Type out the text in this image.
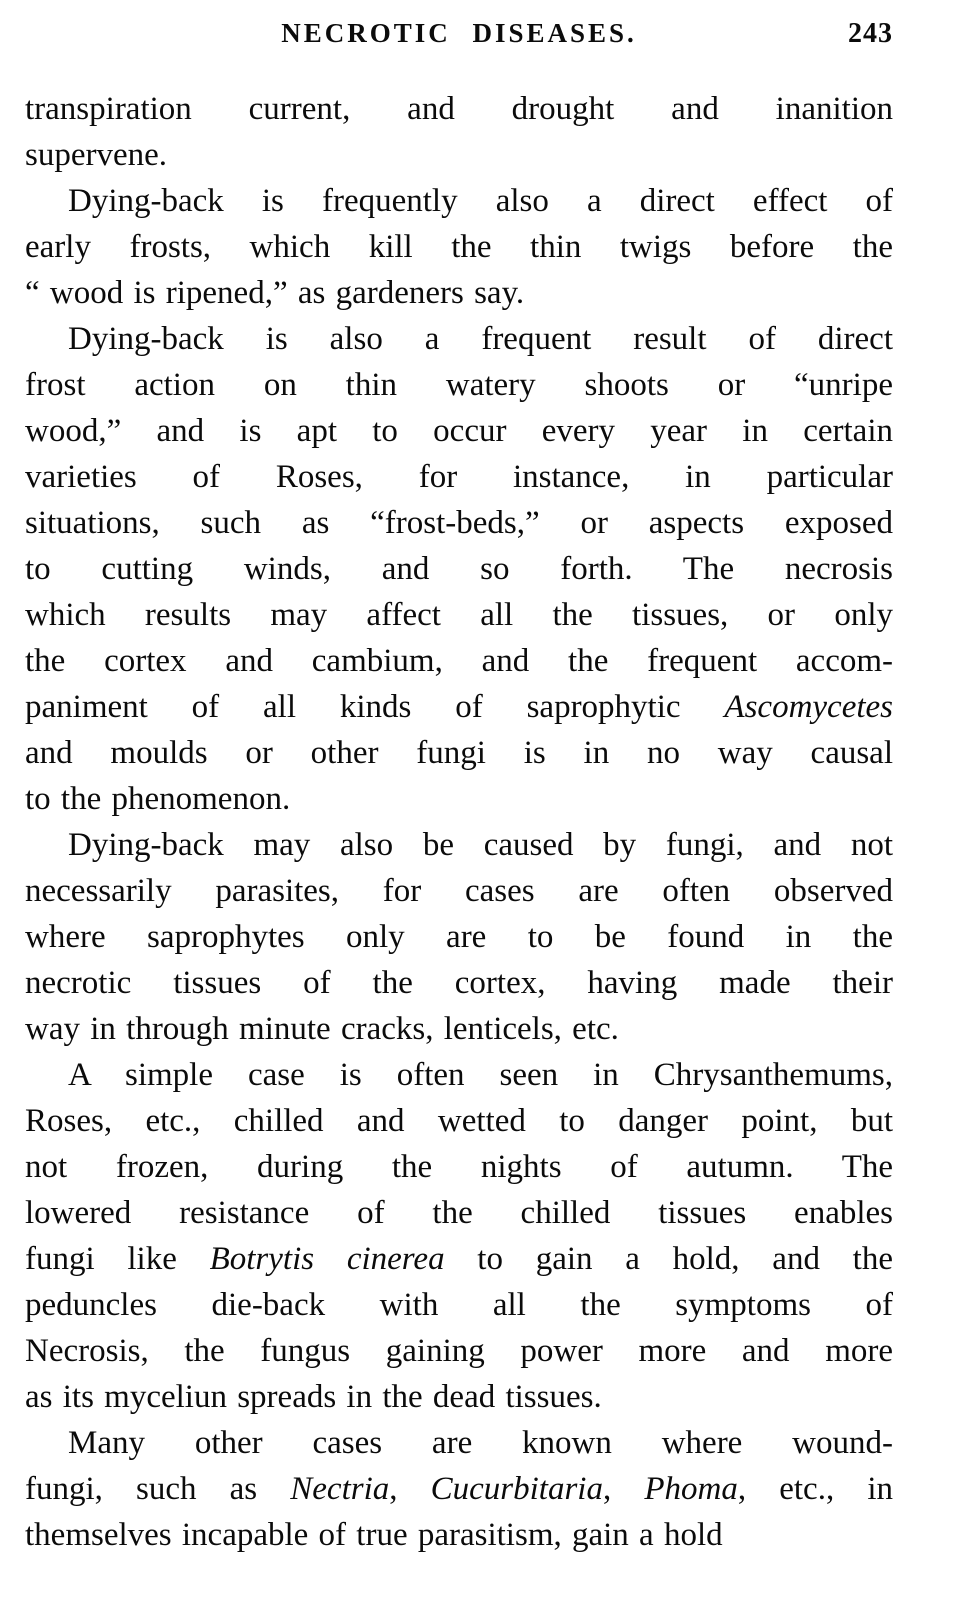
NECROTIC DISEASES.	243
transpiration current, and drought and inanition
supervene.
Dying-back is frequently also a direct effect of
early frosts, which kill the thin twigs before the
“ wood is ripened,” as gardeners say.
Dying-back is also a frequent result of direct
frost action on thin watery shoots or “unripe
wood,” and is apt to occur every year in certain
varieties of Roses, for instance, in particular
situations, such as “frost-beds,” or aspects exposed
to cutting winds, and so forth. The necrosis
which results may affect all the tissues, or only
the cortex and cambium, and the frequent accom-
paniment of all kinds of saprophytic Ascomycetes
and moulds or other fungi is in no way causal
to the phenomenon.
Dying-back may also be caused by fungi, and not
necessarily parasites, for cases are often observed
where saprophytes only are to be found in the
necrotic tissues of the cortex, having made their
way in through minute cracks, lenticels, etc.
A simple case is often seen in Chrysanthemums,
Roses, etc., chilled and wetted to danger point, but
not frozen, during the nights of autumn. The
lowered resistance of the chilled tissues enables
fungi like Botrytis cinerea to gain a hold, and the
peduncles die-back with all the symptoms of
Necrosis, the fungus gaining power more and more
as its myceliun spreads in the dead tissues.
Many other cases are known where wound-
fungi, such as Nectria, Cucurbitaria, Phoma, etc., in
themselves incapable of true parasitism, gain a hold
